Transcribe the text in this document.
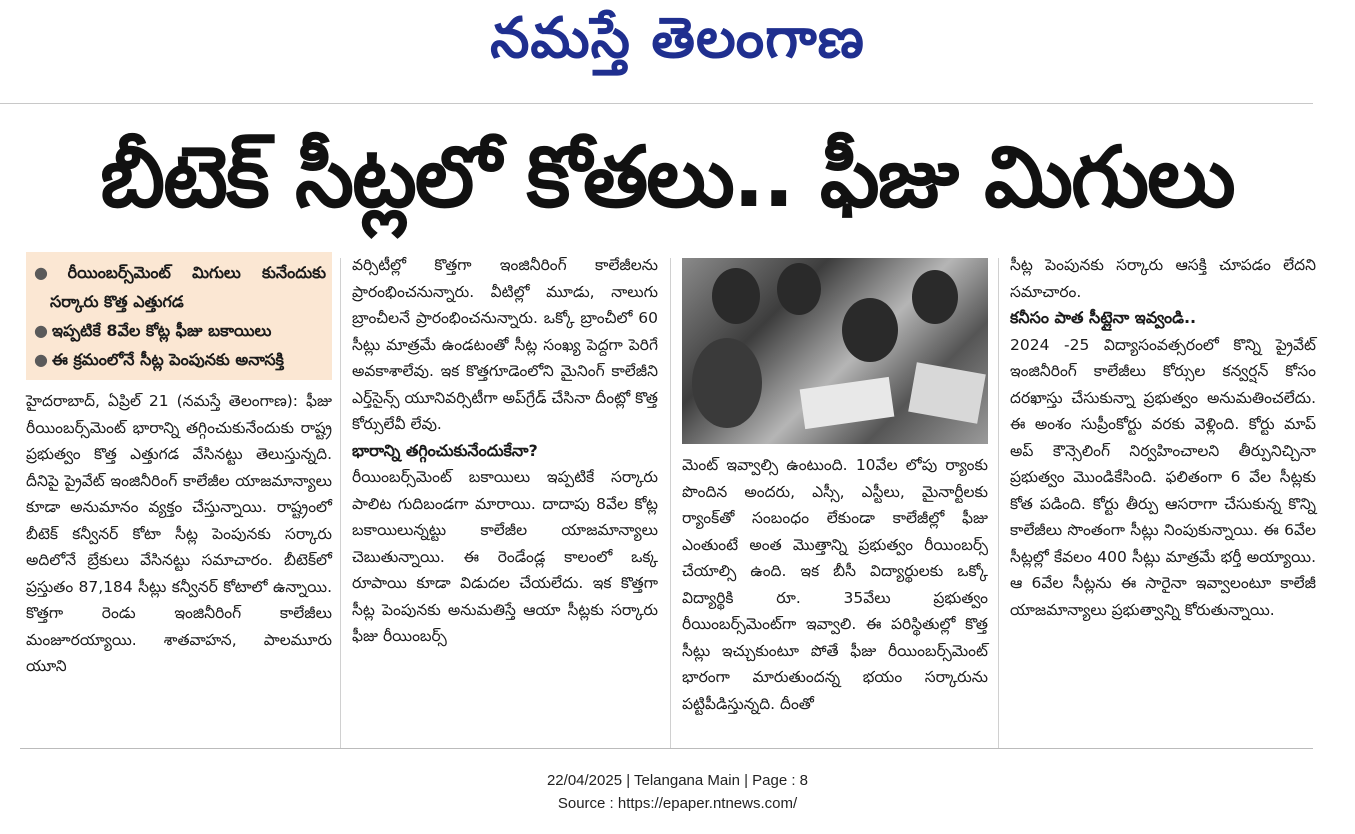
నమస్తే తెలంగాణ
బీటెక్ సీట్లలో కోతలు.. ఫీజు మిగులు
● రీయింబర్స్‌మెంట్ మిగులు కునేందుకు సర్కారు కొత్త ఎత్తుగడ
● ఇప్పటికే 8వేల కోట్ల ఫీజు బకాయిలు
● ఈ క్రమంలోనే సీట్ల పెంపునకు అనాసక్తి

హైదరాబాద్, ఏప్రిల్ 21 (నమస్తే తెలంగాణ): ఫీజు రీయింబర్స్‌మెంట్ భారాన్ని తగ్గించుకునేందుకు రాష్ట్ర ప్రభుత్వం కొత్త ఎత్తుగడ వేసినట్టు తెలుస్తున్నది. దీనిపై ప్రైవేట్ ఇంజినీరింగ్ కాలేజీల యాజమాన్యాలు కూడా అనుమానం వ్యక్తం చేస్తున్నాయి. రాష్ట్రంలో బీటెక్ కన్వీనర్ కోటా సీట్ల పెంపునకు సర్కారు అదిలోనే బ్రేకులు వేసినట్టు సమాచారం. బీటెక్‌లో ప్రస్తుతం 87,184 సీట్లు కన్వీనర్ కోటాలో ఉన్నాయి. కొత్తగా రెండు ఇంజినీరింగ్ కాలేజీలు మంజూరయ్యాయి. శాతవాహన, పాలమూరు యూని

వర్సిటీల్లో కొత్తగా ఇంజినీరింగ్ కాలేజీలను ప్రారంభించనున్నారు. వీటిల్లో మూడు, నాలుగు బ్రాంచీలనే ప్రారంభించనున్నారు. ఒక్కో బ్రాంచీలో 60 సీట్లు మాత్రమే ఉండటంతో సీట్ల సంఖ్య పెద్దగా పెరిగే అవకాశాలేవు. ఇక కొత్తగూడెంలోని మైనింగ్ కాలేజీని ఎర్త్‌సైన్స్ యూనివర్సిటీగా అప్‌గ్రేడ్ చేసినా దీంట్లో కొత్త కోర్సులేవీ లేవు.

భారాన్ని తగ్గించుకునేందుకేనా?

రీయింబర్స్‌మెంట్ బకాయిలు ఇప్పటికే సర్కారు పాలిట గుదిబండగా మారాయి. దాదాపు 8వేల కోట్ల బకాయిలున్నట్టు కాలేజీల యాజమాన్యాలు చెబుతున్నాయి. ఈ రెండేండ్ల కాలంలో ఒక్క రూపాయి కూడా విడుదల చేయలేదు. ఇక కొత్తగా సీట్ల పెంపునకు అనుమతిస్తే ఆయా సీట్లకు సర్కారు ఫీజు రీయింబర్స్

మెంట్ ఇవ్వాల్సి ఉంటుంది. 10వేల లోపు ర్యాంకు పొందిన అందరు, ఎస్సీ, ఎస్టీలు, మైనార్టీలకు ర్యాంక్‌తో సంబంధం లేకుండా కాలేజీల్లో ఫీజు ఎంతుంటే అంత మొత్తాన్ని ప్రభుత్వం రీయింబర్స్ చేయాల్సి ఉంది. ఇక బీసీ విద్యార్థులకు ఒక్కో విద్యార్థికి రూ. 35వేలు ప్రభుత్వం రీయింబర్స్‌మెంట్‌గా ఇవ్వాలి. ఈ పరిస్థితుల్లో కొత్త సీట్లు ఇచ్చుకుంటూ పోతే ఫీజు రీయింబర్స్‌మెంట్ భారంగా మారుతుందన్న భయం సర్కారును పట్టిపీడిస్తున్నది. దీంతో

సీట్ల పెంపునకు సర్కారు ఆసక్తి చూపడం లేదని సమాచారం.

కనీసం పాత సీట్లైనా ఇవ్వండి..

2024 -25 విద్యాసంవత్సరంలో కొన్ని ప్రైవేట్ ఇంజినీరింగ్ కాలేజీలు కోర్సుల కన్వర్షన్ కోసం దరఖాస్తు చేసుకున్నా ప్రభుత్వం అనుమతించలేదు. ఈ అంశం సుప్రీంకోర్టు వరకు వెళ్లింది. కోర్టు మాప్ అప్ కౌన్సెలింగ్ నిర్వహించాలని తీర్పునిచ్చినా ప్రభుత్వం మొండికేసింది. ఫలితంగా 6 వేల సీట్లకు కోత పడింది. కోర్టు తీర్పు ఆసరాగా చేసుకున్న కొన్ని కాలేజీలు సొంతంగా సీట్లు నింపుకున్నాయి. ఈ 6వేల సీట్లల్లో కేవలం 400 సీట్లు మాత్రమే భర్తీ అయ్యాయి. ఆ 6వేల సీట్లను ఈ సారైనా ఇవ్వాలంటూ కాలేజీ యాజమాన్యాలు ప్రభుత్వాన్ని కోరుతున్నాయి.

22/04/2025 | Telangana Main | Page : 8
Source : https://epaper.ntnews.com/
